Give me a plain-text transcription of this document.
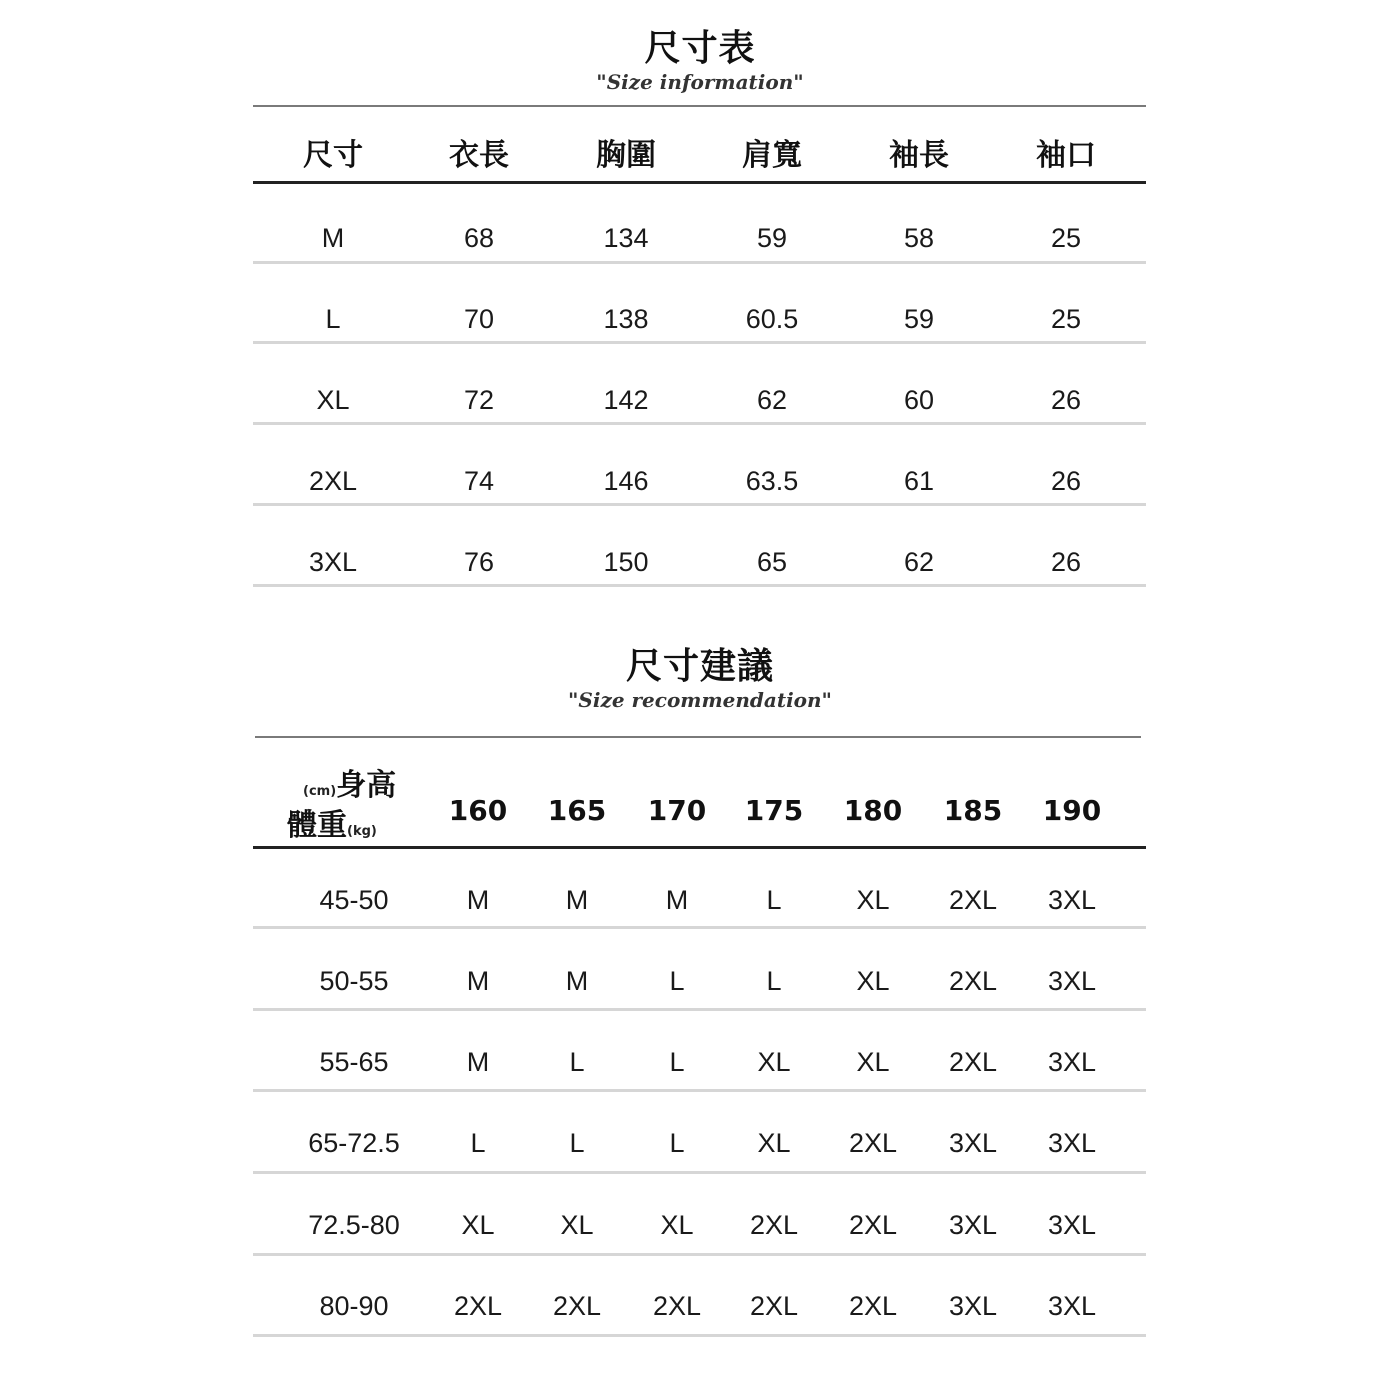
尺寸表
"Size information"
尺寸	衣長	胸圍	肩寬	袖長	袖口
M	68	134	59	58	25
L	70	138	60.5	59	25
XL	72	142	62	60	26
2XL	74	146	63.5	61	26
3XL	76	150	65	62	26
尺寸建議
"Size recommendation"
(cm)身高
體重(kg)
160 165 170 175 180 185 190
45-50	M	M	M	L	XL 2XL 3XL
50-55	M	M	L	L	XL 2XL 3XL
55-65	M	L	L	XL XL 2XL 3XL
65-72.5	L	L	L	XL 2XL 3XL 3XL
72.5-80 XL XL XL 2XL 2XL 3XL 3XL
80-90 2XL 2XL 2XL 2XL 2XL 3XL 3XL
